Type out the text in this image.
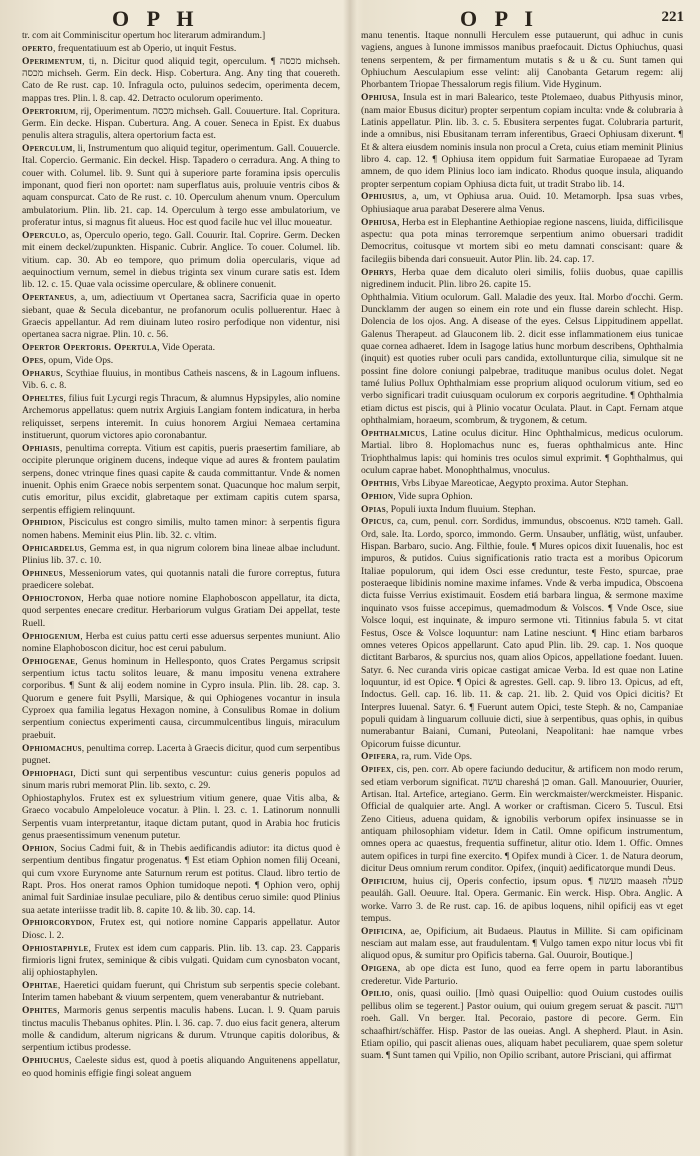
O P H	O P I	221

tr. com ait Comminiscitur opertum hoc literarum admirandum.]

operto, frequentatiuum est ab Operio, ut inquit Festus.

Operimentum, ti, n. Dicitur quod aliquid tegit, operculum. ¶ מכסה michseh. מכסה michseh. Germ. Ein deck. Hisp. Cobertura. Ang. Any ting that couereth. Cato de Re rust. cap. 10. Infragula octo, puluinos sedecim, operimenta decem, mappas tres. Plin. l. 8. cap. 42. Detracto oculorum operimento.

Opertorium, rij, Operimentum. מכסה michseh. Gall. Couuerture. Ital. Copritura. Germ. Ein decke. Hispan. Cubertura. Ang. A couer. Seneca in Epist. Ex duabus penulis altera stragulis, altera opertorium facta est.

Operculum, li, Instrumentum quo aliquid tegitur, operimentum. Gall. Couuercle. Ital. Copercio. Germanic. Ein deckel. Hisp. Tapadero o cerradura. Ang. A thing to couer with. Columel. lib. 9. Sunt qui à superiore parte foramina ipsis operculis imponant, quod fieri non oportet: nam superflatus auis, proluuie ventris cibos & aquam conspurcat. Cato de Re rust. c. 10. Operculum ahenum vnum. Operculum ambulatorium. Plin. lib. 21. cap. 14. Operculum à tergo esse ambulatorium, ve proferatur intus, si magnus fit alueus. Hoc est quod facile huc vel illuc moueatur.

Operculo, as, Operculo operio, tego. Gall. Couurir. Ital. Coprire. Germ. Decken mit einem deckel/zupunkten. Hispanic. Cubrir. Anglice. To couer. Columel. lib. vitium. cap. 30. Ab eo tempore, quo primum dolia opercularis, vique ad aequinoctium vernum, semel in diebus triginta sex vinum curare satis est. Idem lib. 12. c. 15. Quae vala ocissime operculare, & oblinere conuenit.

Opertaneus, a, um, adiectiuum vt Opertanea sacra, Sacrificia quae in operto siebant, quae & Secula dicebantur, ne profanorum oculis polluerentur. Haec à Graecis appellantur. Ad rem diuinam luteo rosiro perfodique non videntur, nisi opertanea sacra nigrae. Plin. 10. c. 56.

Opertor Opertoris. Opertula, Vide Operata.

Opes, opum, Vide Ops.

Opharus, Scythiae fluuius, in montibus Catheis nascens, & in Lagoum influens. Vib. 6. c. 8.

Opheltes, filius fuit Lycurgi regis Thracum, & alumnus Hypsipyles, alio nomine Archemorus appellatus: quem nutrix Argiuis Langiam fontem indicatura, in herba reliquisset, serpens interemit. In cuius honorem Argiui Nemaea certamina instituerunt, quorum victores apio coronabantur.

Ophiasis, penultima correpta. Vitium est capitis, pueris praesertim familiare, ab occipite plerunque originem ducens, indeque vique ad aures & frontem paulatim serpens, donec vtrinque fines quasi capite & cauda committantur. Vnde & nomen inuenit. Ophis enim Graece nobis serpentem sonat. Quacunque hoc malum serpit, cutis emoritur, pilus excidit, glabretaque per extimam capitis cutem sparsa, serpentis effigiem relinquunt.

Ophidion, Pisciculus est congro similis, multo tamen minor: à serpentis figura nomen habens. Meminit eius Plin. lib. 32. c. vltim.

Ophicardelus, Gemma est, in qua nigrum colorem bina lineae albae includunt. Plinius lib. 37. c. 10.

Ophineus, Messeniorum vates, qui quotannis natali die furore correptus, futura praedicere solebat.

Ophioctonon, Herba quae notiore nomine Elaphoboscon appellatur, ita dicta, quod serpentes enecare creditur. Herbariorum vulgus Gratiam Dei appellat, teste Ruell.

Ophiogenium, Herba est cuius pattu certi esse aduersus serpentes muniunt. Alio nomine Elaphoboscon dicitur, hoc est cerui pabulum.

Ophiogenae, Genus hominum in Hellesponto, quos Crates Pergamus scripsit serpentium ictus tactu solitos leuare, & manu impositu venena extrahere corporibus. ¶ Sunt & alij eodem nomine in Cypro insula. Plin. lib. 28. cap. 3. Quorum e genere fuit Psylli, Marsique, & qui Ophiogenes vocantur in insula Cyproex qua familia legatus Hexagon nomine, à Consulibus Romae in dolium serpentium coniectus experimenti causa, circummulcentibus linguis, miraculum praebuit.

Ophiomachus, penultima correp. Lacerta à Graecis dicitur, quod cum serpentibus pugnet.

Ophiophagi, Dicti sunt qui serpentibus vescuntur: cuius generis populos ad sinum maris rubri memorat Plin. lib. sexto, c. 29.

Ophiostaphylos. Frutex est ex syluestrium vitium genere, quae Vitis alba, & Graeco vocabulo Ampeloleuce vocatur. à Plin. l. 23. c. 1. Latinorum nonnulli Serpentis vuam interpretantur, itaque dictam putant, quod in Arabia hoc fruticis genus praesentissimum venenum putetur.

Ophion, Socius Cadmi fuit, & in Thebis aedificandis adiutor: ita dictus quod è serpentium dentibus fingatur progenatus. ¶ Est etiam Ophion nomen filij Oceani, qui cum vxore Eurynome ante Saturnum rerum est potitus. Claud. libro tertio de Rapt. Pros. Hos onerat ramos Ophion tumidoque nepoti. ¶ Ophion vero, ophij animal fuit Sardiniae insulae peculiare, pilo & dentibus ceruo simile: quod Plinius sua aetate interiisse tradit lib. 8. capite 10. & lib. 30. cap. 14.

Ophiorcorydon, Frutex est, qui notiore nomine Capparis appellatur. Autor Diosc. l. 2.

Ophiostaphyle, Frutex est idem cum capparis. Plin. lib. 13. cap. 23. Capparis firmioris ligni frutex, seminique & cibis vulgati. Quidam cum cynosbaton vocant, alij ophiostaphylen.

Ophitae, Haeretici quidam fuerunt, qui Christum sub serpentis specie colebant. Interim tamen habebant & viuum serpentem, quem venerabantur & nutriebant.

Ophites, Marmoris genus serpentis maculis habens. Lucan. l. 9. Quam paruis tinctus maculis Thebanus ophites. Plin. l. 36. cap. 7. duo eius facit genera, alterum molle & candidum, alterum nigricans & durum. Vtrunque capitis doloribus, & serpentium ictibus prodesse.

Ophiuchus, Caeleste sidus est, quod à poetis aliquando Anguitenens appellatur, eo quod hominis effigie fingi soleat anguem

manu tenentis. Itaque nonnulli Herculem esse putauerunt, qui adhuc in cunis vagiens, angues à Iunone immissos manibus praefocauit. Dictus Ophiuchus, quasi tenens serpentem, & per firmamentum mutatis s & u & cu. Sunt tamen qui Ophiuchum Aesculapium esse velint: alij Canobanta Getarum regem: alij Phorbantem Triopae Thessalorum regis filium. Vide Hyginum.

Ophiusa, Insula est in mari Balearico, teste Ptolemaeo, duabus Pithyusis minor, (nam maior Ebusus dicitur) propter serpentum copiam inculta: vnde & colubraria à Latinis appellatur. Plin. lib. 3. c. 5. Ebusitera serpentes fugat. Colubraria parturit, inde a omnibus, nisi Ebusitanam terram inferentibus, Graeci Ophiusam dixerunt. ¶ Et & altera eiusdem nominis insula non procul a Creta, cuius etiam meminit Plinius libro 4. cap. 12. ¶ Ophiusa item oppidum fuit Sarmatiae Europaeae ad Tyram amnem, de quo idem Plinius loco iam indicato. Rhodus quoque insula, aliquando propter serpentum copiam Ophiusa dicta fuit, ut tradit Strabo lib. 14.

Ophiusius, a, um, vt Ophiusa arua. Ouid. 10. Metamorph. Ipsa suas vrbes, Ophiusiaque arua parabat Deserere alma Venus.

Ophiusa, Herba est in Elephantine Aethiopiae regione nascens, liuida, difficilisque aspectu: qua pota minas terroremque serpentium animo obuersari tradidit Democritus, coitusque vt mortem sibi eo metu damnati conscisant: quare & facilegiis bibenda dari consueuit. Autor Plin. lib. 24. cap. 17.

Ophrys, Herba quae dem dicaluto oleri similis, foliis duobus, quae capillis nigredinem inducit. Plin. libro 26. capite 15.

Ophthalmia. Vitium oculorum. Gall. Maladie des yeux. Ital. Morbo d'occhi. Germ. Duncklamm der augen so einem ein rote und ein flusse darein schlecht. Hisp. Dolencia de los ojos. Ang. A disease of the eyes. Celsus Lippitudinem appellat. Galenus Therapeut. ad Glauconem lib. 2. dicit esse inflammationem eius tunicae quae cornea adhaeret. Idem in Isagoge latius hunc morbum describens, Ophthalmia (inquit) est quoties ruber oculi pars candida, extollunturque cilia, simulque sit ne possint fine dolore coniungi palpebrae, tradituque manibus oculus dolet. Negat tamé Iulius Pollux Ophthalmiam esse proprium aliquod oculorum vitium, sed eo verbo significari tradit cuiusquam oculorum ex corporis aegritudine. ¶ Ophthalmia etiam dictus est piscis, qui à Plinio vocatur Oculata. Plaut. in Capt. Fernam atque ophthalmiam, horaeum, scombrum, & trygonem, & cetum.

Ophthalmicus, Latine oculus dicitur. Hinc Ophthalmicus, medicus oculorum. Martial. libro 8. Hoplomachus nunc es, fueras ophthalmicus ante. Hinc Triophthalmus lapis: qui hominis tres oculos simul exprimit. ¶ Gophthalmus, qui oculum caprae habet. Monophthalmus, vnoculus.

Ophthis, Vrbs Libyae Mareoticae, Aegypto proxima. Autor Stephan.

Ophion, Vide supra Ophion.

Opias, Populi iuxta Indum fluuium. Stephan.

Opicus, ca, cum, penul. corr. Sordidus, immundus, obscoenus. טמא tameh. Gall. Ord, sale. Ita. Lordo, sporco, immondo. Germ. Unsauber, unflätig, wüst, unfauber. Hispan. Barbaro, sucio. Ang. Filthie, foule. ¶ Mures opicos dixit Iuuenalis, hoc est impuros, & putidos. Cuius significationis ratio tracta est a moribus Opicorum Italiae populorum, qui idem Osci esse creduntur, teste Festo, spurcae, prae posteraeque libidinis nomine maxime infames. Vnde & verba impudica, Obscoena dicta fuisse Verrius existimauit. Eosdem etiá barbara lingua, & sermone maxime inquinato vsos fuisse accepimus, quemadmodum & Volscos. ¶ Vnde Osce, siue Volsce loqui, est inquinate, & impuro sermone vti. Titinnius fabula 5. vt citat Festus, Osce & Volsce loquuntur: nam Latine nesciunt. ¶ Hinc etiam barbaros omnes veteres Opicos appellarunt. Cato apud Plin. lib. 29. cap. 1. Nos quoque dictitant Barbaros, & spurcius nos, quam alios Opicos, appellatione foedant. Iuuen. Satyr. 6. Nec curanda viris opicae castigat amicae Verba. Id est quae non Latine loquuntur, id est Opice. ¶ Opici & agrestes. Gell. cap. 9. libro 13. Opicus, ad eft, Indoctus. Gell. cap. 16. lib. 11. & cap. 21. lib. 2. Quid vos Opici dicitis? Et Interpres Iuuenal. Satyr. 6. ¶ Fuerunt autem Opici, teste Steph. & no, Campaniae populi quidam à linguarum colluuie dicti, siue à serpentibus, quas ophis, in quibus numerabantur Baiani, Cumani, Puteolani, Neapolitani: hae namque vrbes Opicorum fuisse dicuntur.

Opifera, ra, rum. Vide Ops.

Opifex, cis, pen. corr. Ab opere faciundo deducitur, & artificem non modo rerum, sed etiam verborum significat. עושה chareshá כן oman. Gall. Manouurier, Ouurier, Artisan. Ital. Artefice, artegiano. Germ. Ein werckmaister/werckmeister. Hispanic. Official de qualquier arte. Angl. A worker or craftisman. Cicero 5. Tuscul. Etsi Zeno Citieus, aduena quidam, & ignobilis verborum opifex insinuasse se in antiquam philosophiam videtur. Idem in Catil. Omne opificum instrumentum, omnes opera ac quaestus, frequentia suffinetur, alitur otio. Idem 1. Offic. Omnes autem opifices in turpi fine exercito. ¶ Opifex mundi à Cicer. 1. de Natura deorum, dicitur Deus omnium rerum conditor. Opifex, (inquit) aedificatorque mundi Deus.

Opificium, huius cij, Operis confectio, ipsum opus. ¶ מעשה maaseh פעלה peauláh. Gall. Oeuure. Ital. Opera. Germanic. Ein werck. Hisp. Obra. Anglic. A worke. Varro 3. de Re rust. cap. 16. de apibus loquens, nihil opificij eas vt eget tempus.

Opificina, ae, Opificium, ait Budaeus. Plautus in Millite. Si cam opificinam nesciam aut malam esse, aut fraudulentam. ¶ Vulgo tamen expo nitur locus vbi fit aliquod opus, & sumitur pro Opificis taberna. Gal. Ouuroir, Boutique.]

Opigena, ab ope dicta est Iuno, quod ea ferre opem in partu laborantibus crederetur. Vide Parturio.

Opilio, onis, quasi ouilio. [Imò quasi Ouipellio: quod Ouium custodes ouilis pellibus olim se tegerent.] Pastor ouium, qui ouium gregem seruat & pascit. רועה roeh. Gall. Vn berger. Ital. Pecoraio, pastore di pecore. Germ. Ein schaafhirt/schäffer. Hisp. Pastor de las oueias. Angl. A shepherd. Plaut. in Asin. Etiam opilio, qui pascit alienas oues, aliquam habet peculiarem, quae spem soletur suam. ¶ Sunt tamen qui Vpilio, non Opilio scribant, autore Prisciani, qui affirmat
